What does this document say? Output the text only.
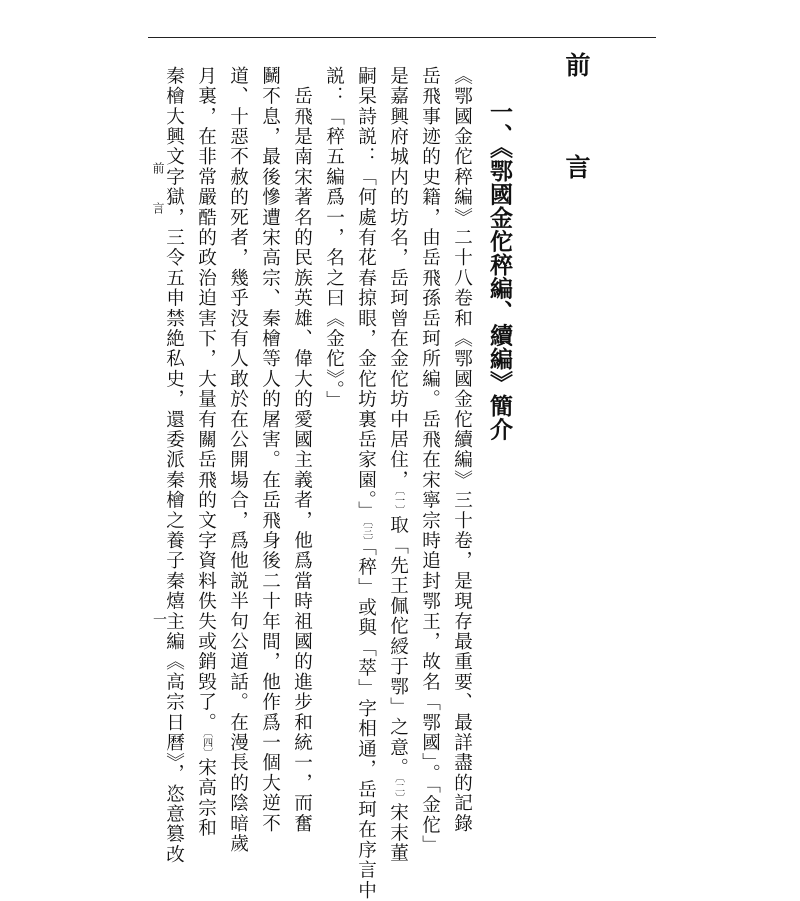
前　言
一、《鄂國金佗稡編、續編》簡介
《鄂國金佗稡編》二十八卷和《鄂國金佗續編》三十卷，是現存最重要、最詳盡的記錄
岳飛事迹的史籍，由岳飛孫岳珂所編。岳飛在宋寧宗時追封鄂王，故名「鄂國」。「金佗」
是嘉興府城内的坊名，岳珂曾在金佗坊中居住，〔一〕取「先王佩佗綬于鄂」之意。〔二〕宋末董
嗣杲詩説：「何處有花春掠眼，金佗坊裏岳家園。」〔三〕「稡」或與「萃」字相通，岳珂在序言中
説：「稡五編爲一，名之曰《金佗》。」
　岳飛是南宋著名的民族英雄、偉大的愛國主義者，他爲當時祖國的進步和統一，而奮
鬭不息，最後慘遭宋高宗、秦檜等人的屠害。在岳飛身後二十年間，他作爲一個大逆不
道、十惡不赦的死者，幾乎没有人敢於在公開場合，爲他説半句公道話。在漫長的陰暗歲
月裏，在非常嚴酷的政治迫害下，大量有關岳飛的文字資料佚失或銷毁了。〔四〕宋高宗和
秦檜大興文字獄，三令五申禁絶私史，還委派秦檜之養子秦熺主編《高宗日曆》，恣意篡改
前　言
一
